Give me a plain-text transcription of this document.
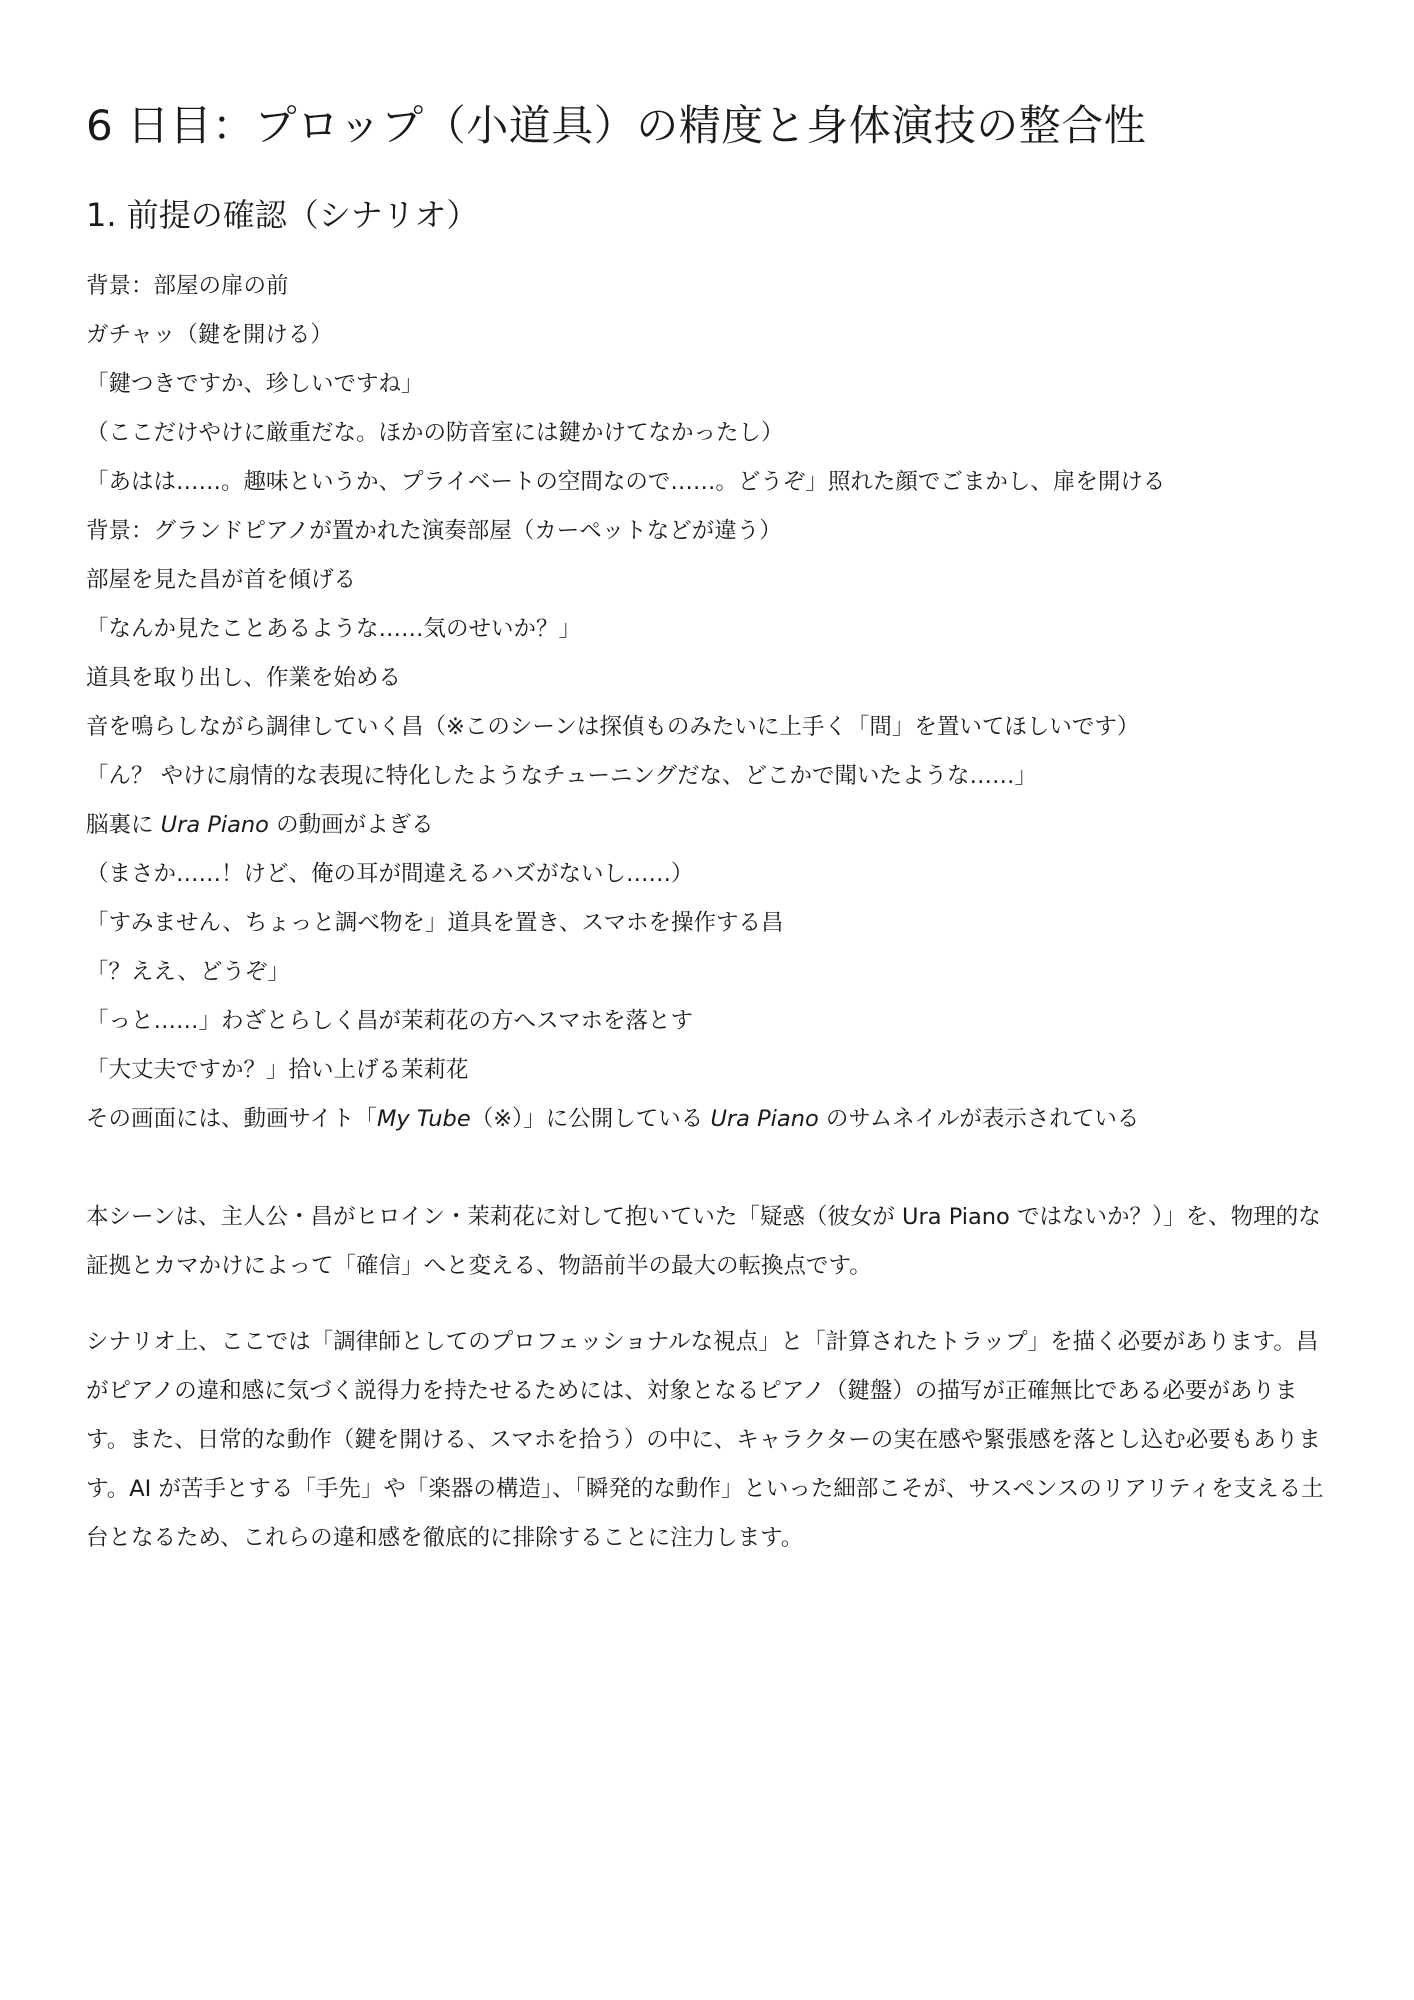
6 日目：プロップ（小道具）の精度と身体演技の整合性
1. 前提の確認（シナリオ）
背景：部屋の扉の前
ガチャッ（鍵を開ける）
「鍵つきですか、珍しいですね」
（ここだけやけに厳重だな。ほかの防音室には鍵かけてなかったし）
「あはは……。趣味というか、プライベートの空間なので……。どうぞ」照れた顔でごまかし、扉を開ける
背景：グランドピアノが置かれた演奏部屋（カーペットなどが違う）
部屋を見た昌が首を傾げる
「なんか見たことあるような……気のせいか？」
道具を取り出し、作業を始める
音を鳴らしながら調律していく昌（※このシーンは探偵ものみたいに上手く「間」を置いてほしいです）
「ん？ やけに扇情的な表現に特化したようなチューニングだな、どこかで聞いたような……」
脳裏に Ura Piano の動画がよぎる
（まさか……！けど、俺の耳が間違えるハズがないし……）
「すみません、ちょっと調べ物を」道具を置き、スマホを操作する昌
「？ええ、どうぞ」
「っと……」わざとらしく昌が茉莉花の方へスマホを落とす
「大丈夫ですか？」拾い上げる茉莉花
その画面には、動画サイト「My Tube（※）」に公開している Ura Piano のサムネイルが表示されている

本シーンは、主人公・昌がヒロイン・茉莉花に対して抱いていた「疑惑（彼女が Ura Piano ではないか？）」を、物理的な証拠とカマかけによって「確信」へと変える、物語前半の最大の転換点です。

シナリオ上、ここでは「調律師としてのプロフェッショナルな視点」と「計算されたトラップ」を描く必要があります。昌がピアノの違和感に気づく説得力を持たせるためには、対象となるピアノ（鍵盤）の描写が正確無比である必要があります。また、日常的な動作（鍵を開ける、スマホを拾う）の中に、キャラクターの実在感や緊張感を落とし込む必要もあります。AI が苦手とする「手先」や「楽器の構造」、「瞬発的な動作」といった細部こそが、サスペンスのリアリティを支える土台となるため、これらの違和感を徹底的に排除することに注力します。
